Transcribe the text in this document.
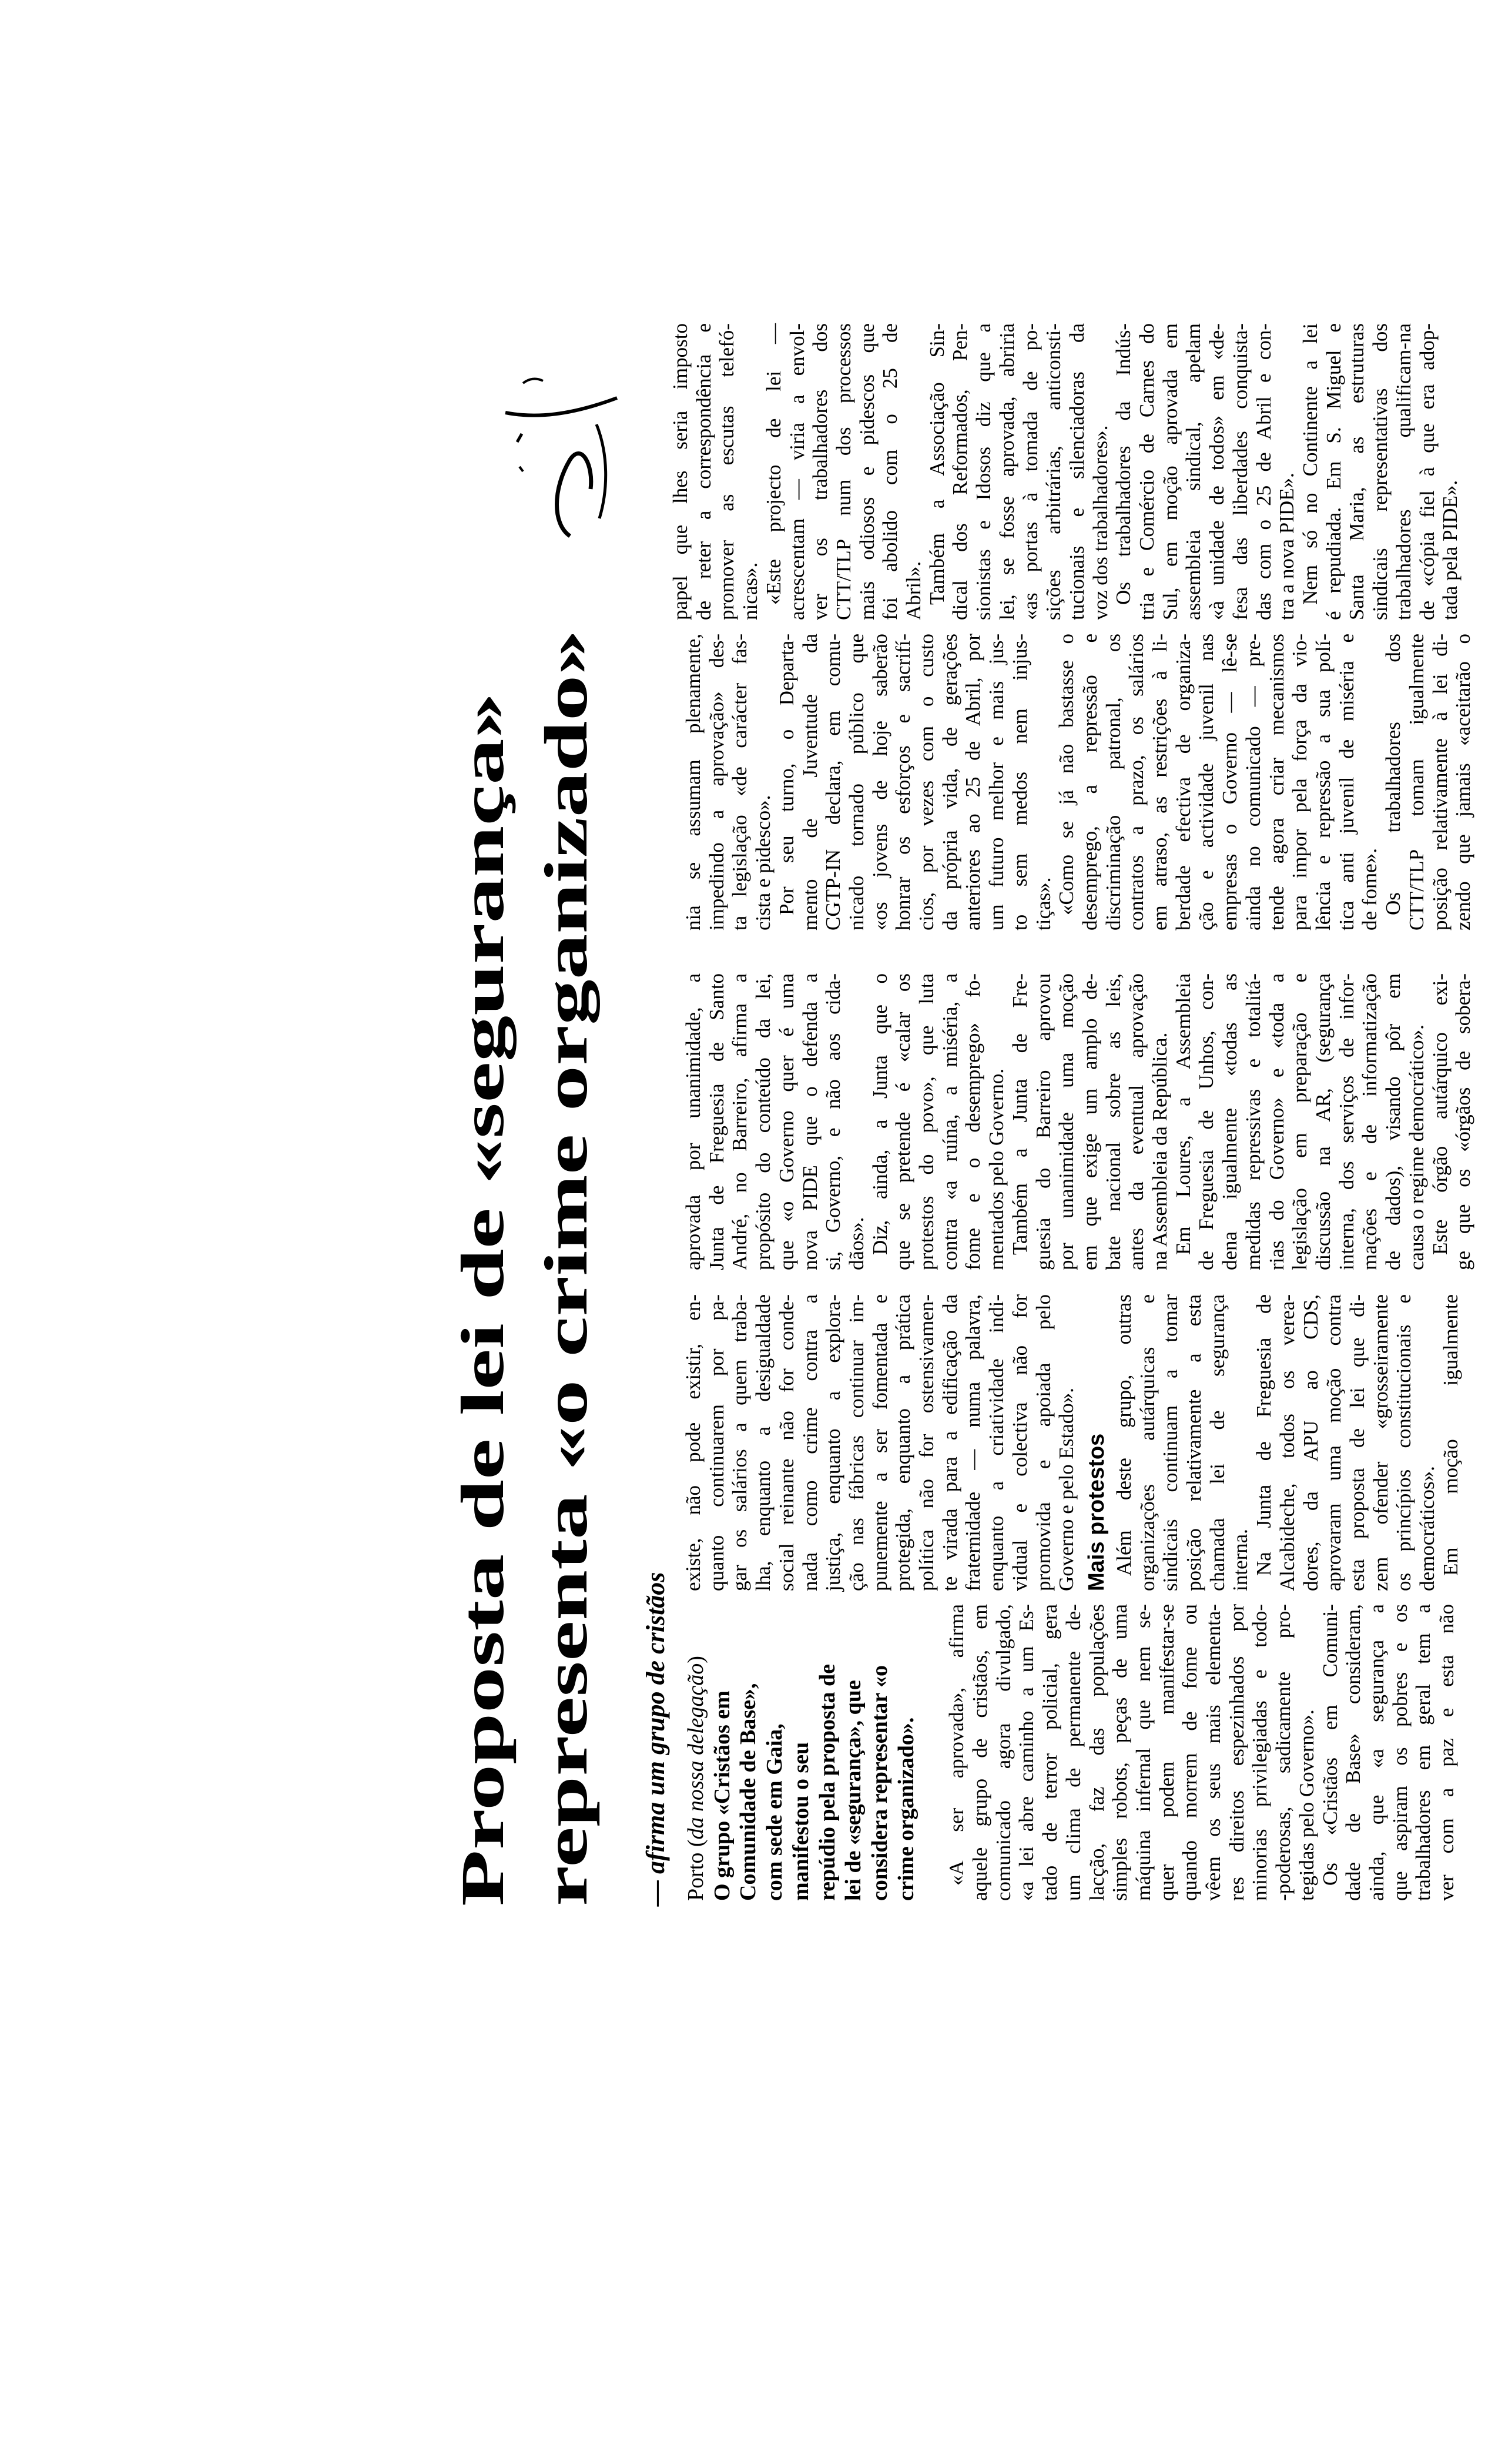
Proposta de lei de «segurança» representa «o crime organizado» — afirma um grupo de cristãos Porto (da nossa delegação)
O grupo «Cristãos em Comunidade de Base», com sede em Gaia, manifestou o seu repúdio pela proposta de lei de «segurança», que considera representar «o crime organizado». «A ser aprovada», afirma aquele grupo de cristãos, em comunicado agora divulgado, «a lei abre caminho a um Es- tado de terror policial, gera um clima de permanente de- lacção, faz das populações simples robots, peças de uma máquina infernal que nem se- quer podem manifestar-se quando morrem de fome ou vêem os seus mais elementa- res direitos espezinhados por minorias privilegiadas e todo- -poderosas, sadicamente pro- tegidas pelo Governo». Os «Cristãos em Comuni- dade de Base» consideram, ainda, que «a segurança a que aspiram os pobres e os trabalhadores em geral tem a ver com a paz e esta não
existe, não pode existir, en- quanto continuarem por pa- gar os salários a quem traba- lha, enquanto a desigualdade social reinante não for conde- nada como crime contra a justiça, enquanto a explora- ção nas fábricas continuar im- punemente a ser fomentada e protegida, enquanto a prática política não for ostensivamen- te virada para a edificação da fraternidade — numa palavra, enquanto a criatividade indi- vidual e colectiva não for promovida e apoiada pelo Governo e pelo Estado». Mais protestos Além deste grupo, outras organizações autárquicas e sindicais continuam a tomar posição relativamente a esta chamada lei de segurança interna. Na Junta de Freguesia de Alcabideche, todos os verea- dores, da APU ao CDS, aprovaram uma moção contra esta proposta de lei que di- zem ofender «grosseiramente os princípios constitucionais e democráticos». Em moção igualmente
aprovada por unanimidade, a Junta de Freguesia de Santo André, no Barreiro, afirma a propósito do conteúdo da lei, que «o Governo quer é uma nova PIDE que o defenda a si, Governo, e não aos cida- dãos». Diz, ainda, a Junta que o que se pretende é «calar os protestos do povo», que luta contra «a ruína, a miséria, a fome e o desemprego» fo- mentados pelo Governo. Também a Junta de Fre- guesia do Barreiro aprovou por unanimidade uma moção em que exige um amplo de- bate nacional sobre as leis, antes da eventual aprovação na Assembleia da República. Em Loures, a Assembleia de Freguesia de Unhos, con- dena igualmente «todas as medidas repressivas e totalitá- rias do Governo» e «toda a legislação em preparação e discussão na AR, (segurança interna, dos serviços de infor- mações e de informatização de dados), visando pôr em causa o regime democrático». Este órgão autárquico exi- ge que os «órgãos de sobera-
nia se assumam plenamente, impedindo a aprovação» des- ta legislação «de carácter fas- cista e pidesco». Por seu turno, o Departa- mento de Juventude da CGTP-IN declara, em comu- nicado tornado público que «os jovens de hoje saberão honrar os esforços e sacrifí- cios, por vezes com o custo da própria vida, de gerações anteriores ao 25 de Abril, por um futuro melhor e mais jus- to sem medos nem injus- tiças». «Como se já não bastasse o desemprego, a repressão e discriminação patronal, os contratos a prazo, os salários em atraso, as restrições à li- berdade efectiva de organiza- ção e actividade juvenil nas empresas o Governo — lê-se ainda no comunicado — pre- tende agora criar mecanismos para impor pela força da vio- lência e repressão a sua polí- tica anti juvenil de miséria e de fome». Os trabalhadores dos CTT/TLP tomam igualmente posição relativamente à lei di- zendo que jamais «aceitarão o
papel que lhes seria imposto de reter a correspondência e promover as escutas telefó- nicas». «Este projecto de lei — acrescentam — viria a envol- ver os trabalhadores dos CTT/TLP num dos processos mais odiosos e pidescos que foi abolido com o 25 de Abril». Também a Associação Sin- dical dos Reformados, Pen- sionistas e Idosos diz que a lei, se fosse aprovada, abriria «as portas à tomada de po- sições arbitrárias, anticonsti- tucionais e silenciadoras da voz dos trabalhadores». Os trabalhadores da Indús- tria e Comércio de Carnes do Sul, em moção aprovada em assembleia sindical, apelam «à unidade de todos» em «de- fesa das liberdades conquista- das com o 25 de Abril e con- tra a nova PIDE». Nem só no Continente a lei é repudiada. Em S. Miguel e Santa Maria, as estruturas sindicais representativas dos trabalhadores qualificam-na de «cópia fiel à que era adop- tada pela PIDE».
